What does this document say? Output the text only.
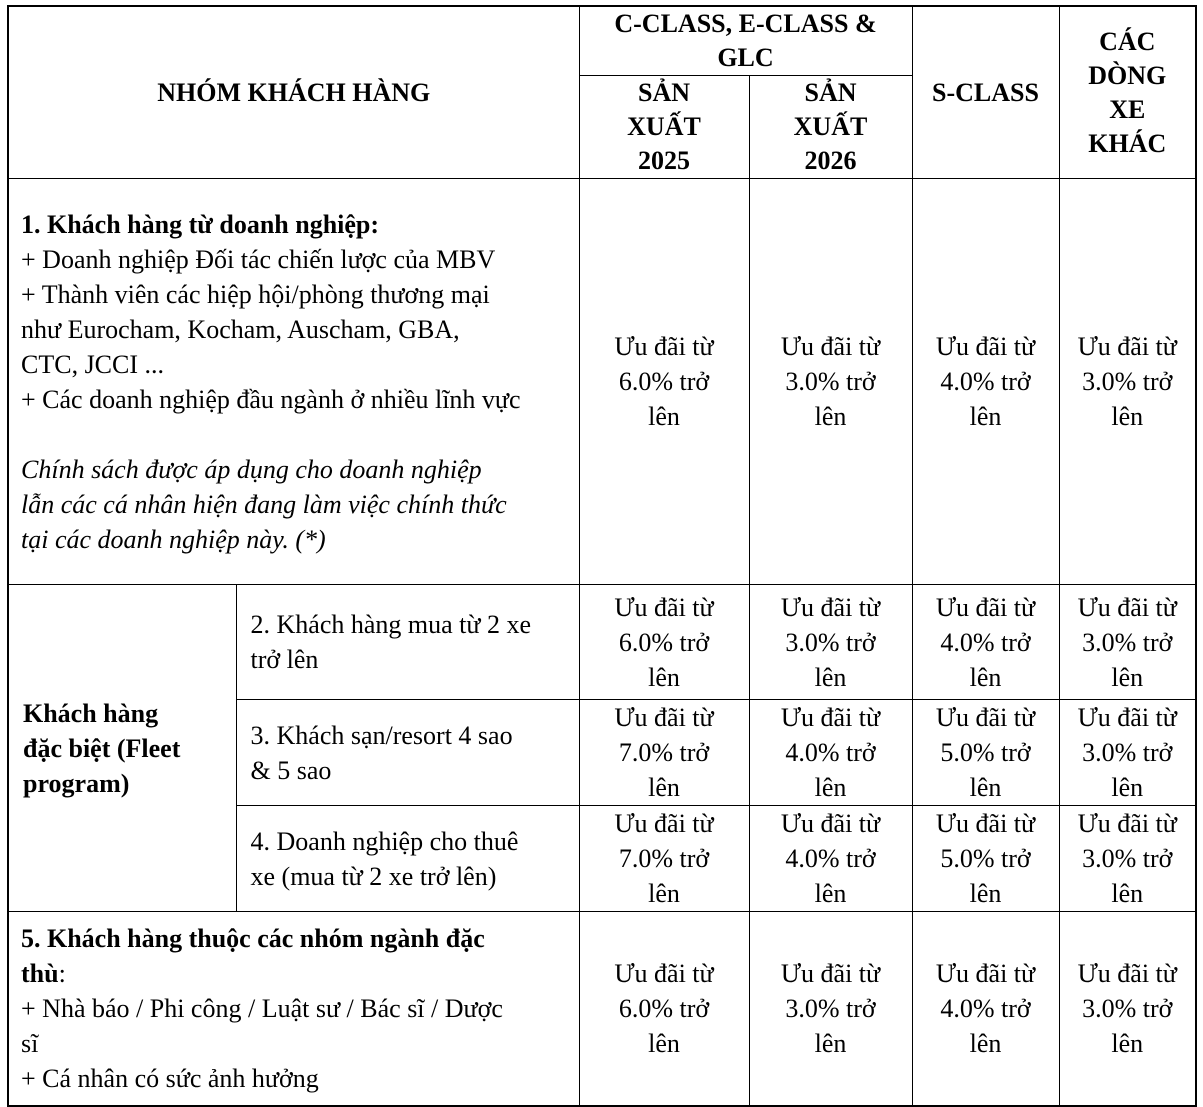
NHÓM KHÁCH HÀNG		C-CLASS, E-CLASS & GLC		S-CLASS	CÁC DÒNG XE KHÁC

		SẢN XUẤT 2025	SẢN XUẤT 2026		

1. Khách hàng từ doanh nghiệp:
+ Doanh nghiệp Đối tác chiến lược của MBV
+ Thành viên các hiệp hội/phòng thương mại như Eurocham, Kocham, Auscham, GBA, CTC, JCCI ...
+ Các doanh nghiệp đầu ngành ở nhiều lĩnh vực
Chính sách được áp dụng cho doanh nghiệp lẫn các cá nhân hiện đang làm việc chính thức tại các doanh nghiệp này. (*)		Ưu đãi từ 6.0% trở lên	Ưu đãi từ 3.0% trở lên	Ưu đãi từ 4.0% trở lên	Ưu đãi từ 3.0% trở lên

Khách hàng đặc biệt (Fleet program)	2. Khách hàng mua từ 2 xe trở lên	Ưu đãi từ 6.0% trở lên	Ưu đãi từ 3.0% trở lên	Ưu đãi từ 4.0% trở lên	Ưu đãi từ 3.0% trở lên

	3. Khách sạn/resort 4 sao & 5 sao	Ưu đãi từ 7.0% trở lên	Ưu đãi từ 4.0% trở lên	Ưu đãi từ 5.0% trở lên	Ưu đãi từ 3.0% trở lên

	4. Doanh nghiệp cho thuê xe (mua từ 2 xe trở lên)	Ưu đãi từ 7.0% trở lên	Ưu đãi từ 4.0% trở lên	Ưu đãi từ 5.0% trở lên	Ưu đãi từ 3.0% trở lên

5. Khách hàng thuộc các nhóm ngành đặc thù:
+ Nhà báo / Phi công / Luật sư / Bác sĩ / Dược sĩ
+ Cá nhân có sức ảnh hưởng		Ưu đãi từ 6.0% trở lên	Ưu đãi từ 3.0% trở lên	Ưu đãi từ 4.0% trở lên	Ưu đãi từ 3.0% trở lên
